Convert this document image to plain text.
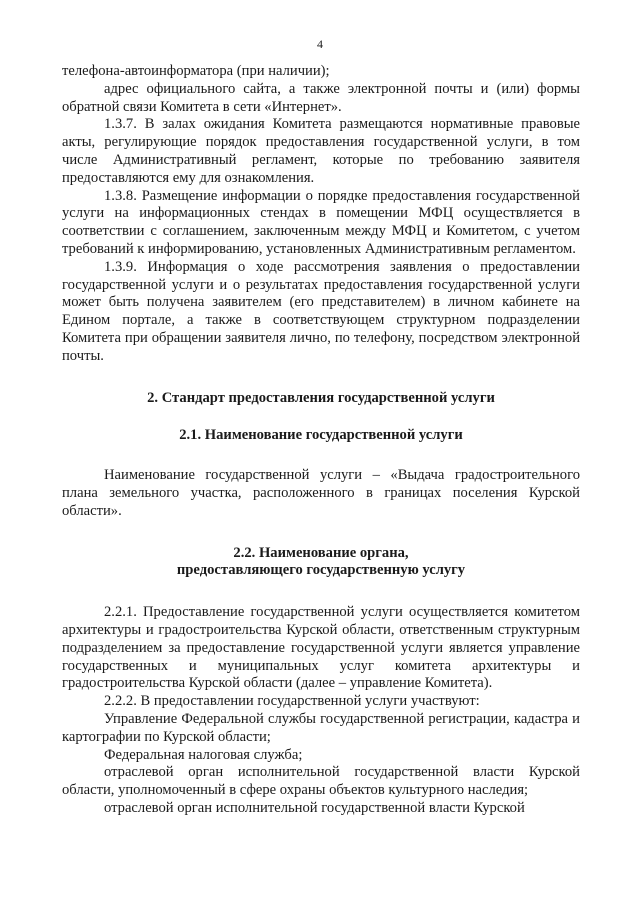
4

телефона-автоинформатора (при наличии);

адрес официального сайта, а также электронной почты и (или) формы обратной связи Комитета в сети «Интернет».

1.3.7. В залах ожидания Комитета размещаются нормативные правовые акты, регулирующие порядок предоставления государственной услуги, в том числе Административный регламент, которые по требованию заявителя предоставляются ему для ознакомления.

1.3.8. Размещение информации о порядке предоставления государственной услуги на информационных стендах в помещении МФЦ осуществляется в соответствии с соглашением, заключенным между МФЦ и Комитетом, с учетом требований к информированию, установленных Административным регламентом.

1.3.9. Информация о ходе рассмотрения заявления о предоставлении государственной услуги и о результатах предоставления государственной услуги может быть получена заявителем (его представителем) в личном кабинете на Едином портале, а также в соответствующем структурном подразделении Комитета при обращении заявителя лично, по телефону, посредством электронной почты.

2. Стандарт предоставления государственной услуги
2.1. Наименование государственной услуги

Наименование государственной услуги – «Выдача градостроительного плана земельного участка, расположенного в границах поселения Курской области».

2.2. Наименование органа,
предоставляющего государственную услугу

2.2.1. Предоставление государственной услуги осуществляется комитетом архитектуры и градостроительства Курской области, ответственным структурным подразделением за предоставление государственной услуги является управление государственных и муниципальных услуг комитета архитектуры и градостроительства Курской области (далее – управление Комитета).

2.2.2. В предоставлении государственной услуги участвуют:

Управление Федеральной службы государственной регистрации, кадастра и картографии по Курской области;

Федеральная налоговая служба;

отраслевой орган исполнительной государственной власти Курской области, уполномоченный в сфере охраны объектов культурного наследия;

отраслевой орган исполнительной государственной власти Курской
